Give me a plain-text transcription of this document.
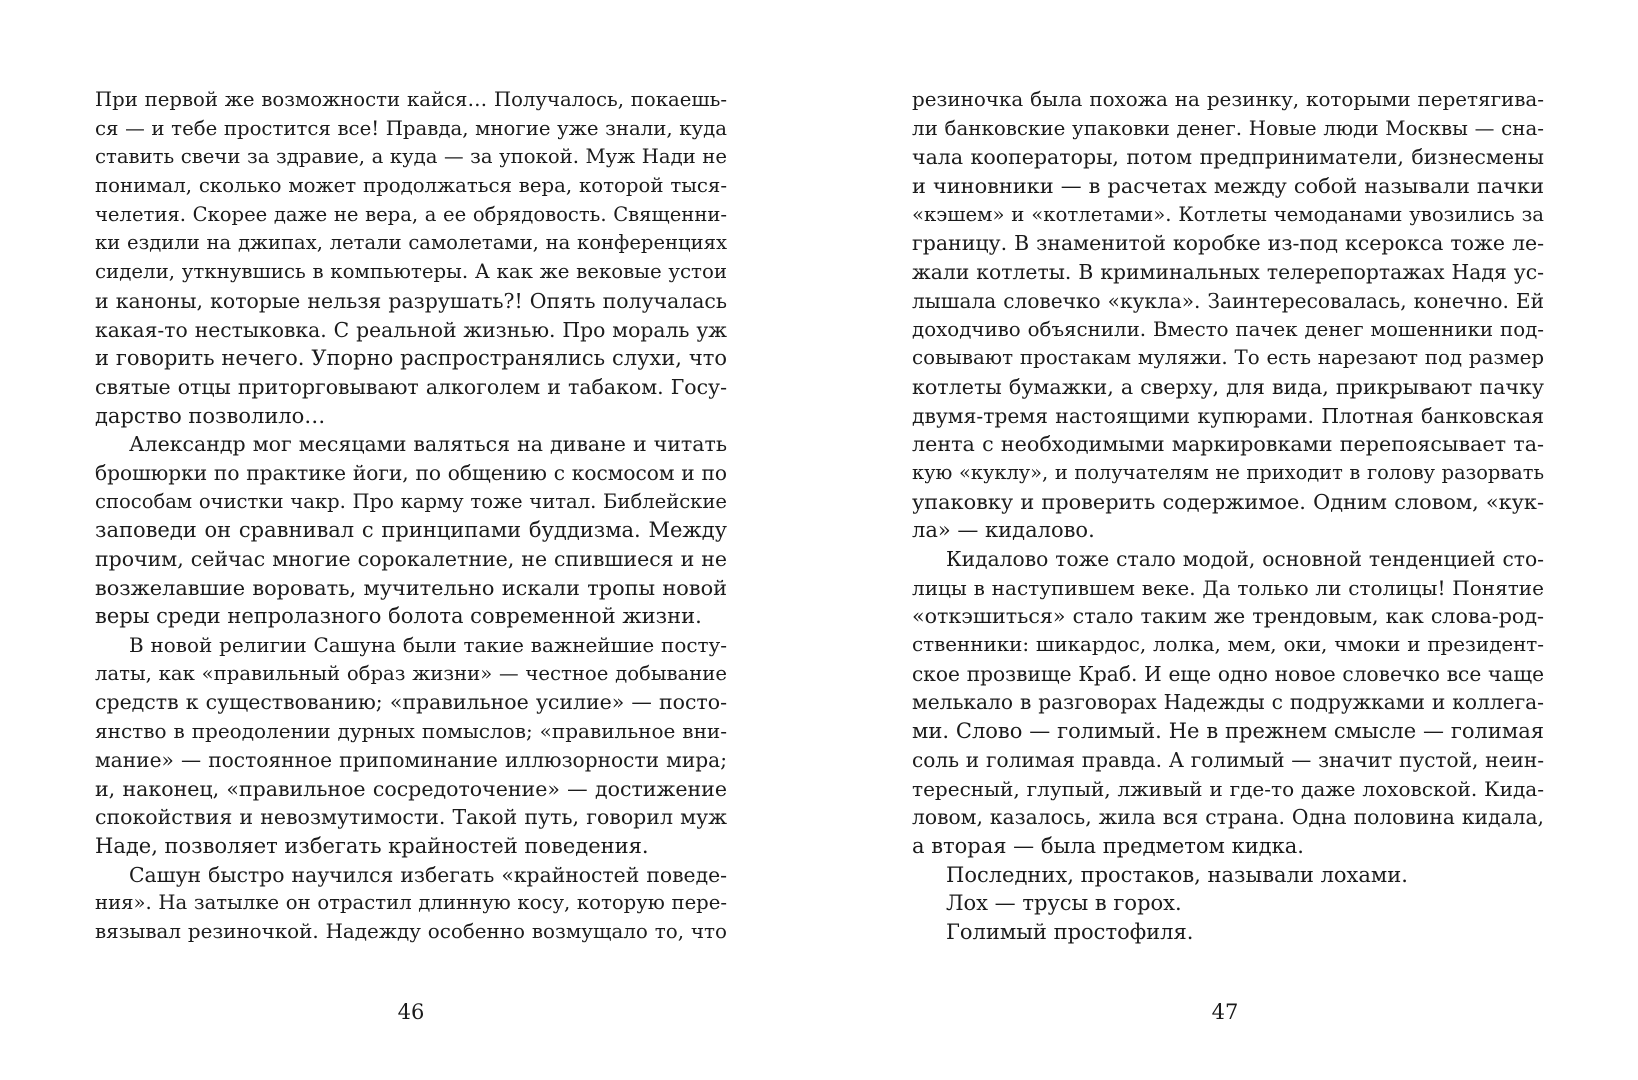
При первой же возможности кайся… Получалось, покаешь-
ся — и тебе простится все! Правда, многие уже знали, куда
ставить свечи за здравие, а куда — за упокой. Муж Нади не
понимал, сколько может продолжаться вера, которой тыся-
челетия. Скорее даже не вера, а ее обрядовость. Священни-
ки ездили на джипах, летали самолетами, на конференциях
сидели, уткнувшись в компьютеры. А как же вековые устои
и каноны, которые нельзя разрушать?! Опять получалась
какая-то нестыковка. С реальной жизнью. Про мораль уж
и говорить нечего. Упорно распространялись слухи, что
святые отцы приторговывают алкоголем и табаком. Госу-
дарство позволило…
Александр мог месяцами валяться на диване и читать
брошюрки по практике йоги, по общению с космосом и по
способам очистки чакр. Про карму тоже читал. Библейские
заповеди он сравнивал с принципами буддизма. Между
прочим, сейчас многие сорокалетние, не спившиеся и не
возжелавшие воровать, мучительно искали тропы новой
веры среди непролазного болота современной жизни.
В новой религии Сашуна были такие важнейшие посту-
латы, как «правильный образ жизни» — честное добывание
средств к существованию; «правильное усилие» — посто-
янство в преодолении дурных помыслов; «правильное вни-
мание» — постоянное припоминание иллюзорности мира;
и, наконец, «правильное сосредоточение» — достижение
спокойствия и невозмутимости. Такой путь, говорил муж
Наде, позволяет избегать крайностей поведения.
Сашун быстро научился избегать «крайностей поведе-
ния». На затылке он отрастил длинную косу, которую пере-
вязывал резиночкой. Надежду особенно возмущало то, что
резиночка была похожа на резинку, которыми перетягива-
ли банковские упаковки денег. Новые люди Москвы — сна-
чала кооператоры, потом предприниматели, бизнесмены
и чиновники — в расчетах между собой называли пачки
«кэшем» и «котлетами». Котлеты чемоданами увозились за
границу. В знаменитой коробке из-под ксерокса тоже ле-
жали котлеты. В криминальных телерепортажах Надя ус-
лышала словечко «кукла». Заинтересовалась, конечно. Ей
доходчиво объяснили. Вместо пачек денег мошенники под-
совывают простакам муляжи. То есть нарезают под размер
котлеты бумажки, а сверху, для вида, прикрывают пачку
двумя-тремя настоящими купюрами. Плотная банковская
лента с необходимыми маркировками перепоясывает та-
кую «куклу», и получателям не приходит в голову разорвать
упаковку и проверить содержимое. Одним словом, «кук-
ла» — кидалово.
Кидалово тоже стало модой, основной тенденцией сто-
лицы в наступившем веке. Да только ли столицы! Понятие
«откэшиться» стало таким же трендовым, как слова-род-
ственники: шикардос, лолка, мем, оки, чмоки и президент-
ское прозвище Краб. И еще одно новое словечко все чаще
мелькало в разговорах Надежды с подружками и коллега-
ми. Слово — голимый. Не в прежнем смысле — голимая
соль и голимая правда. А голимый — значит пустой, неин-
тересный, глупый, лживый и где-то даже лоховской. Кида-
ловом, казалось, жила вся страна. Одна половина кидала,
а вторая — была предметом кидка.
Последних, простаков, называли лохами.
Лох — трусы в горох.
Голимый простофиля.
46	47
